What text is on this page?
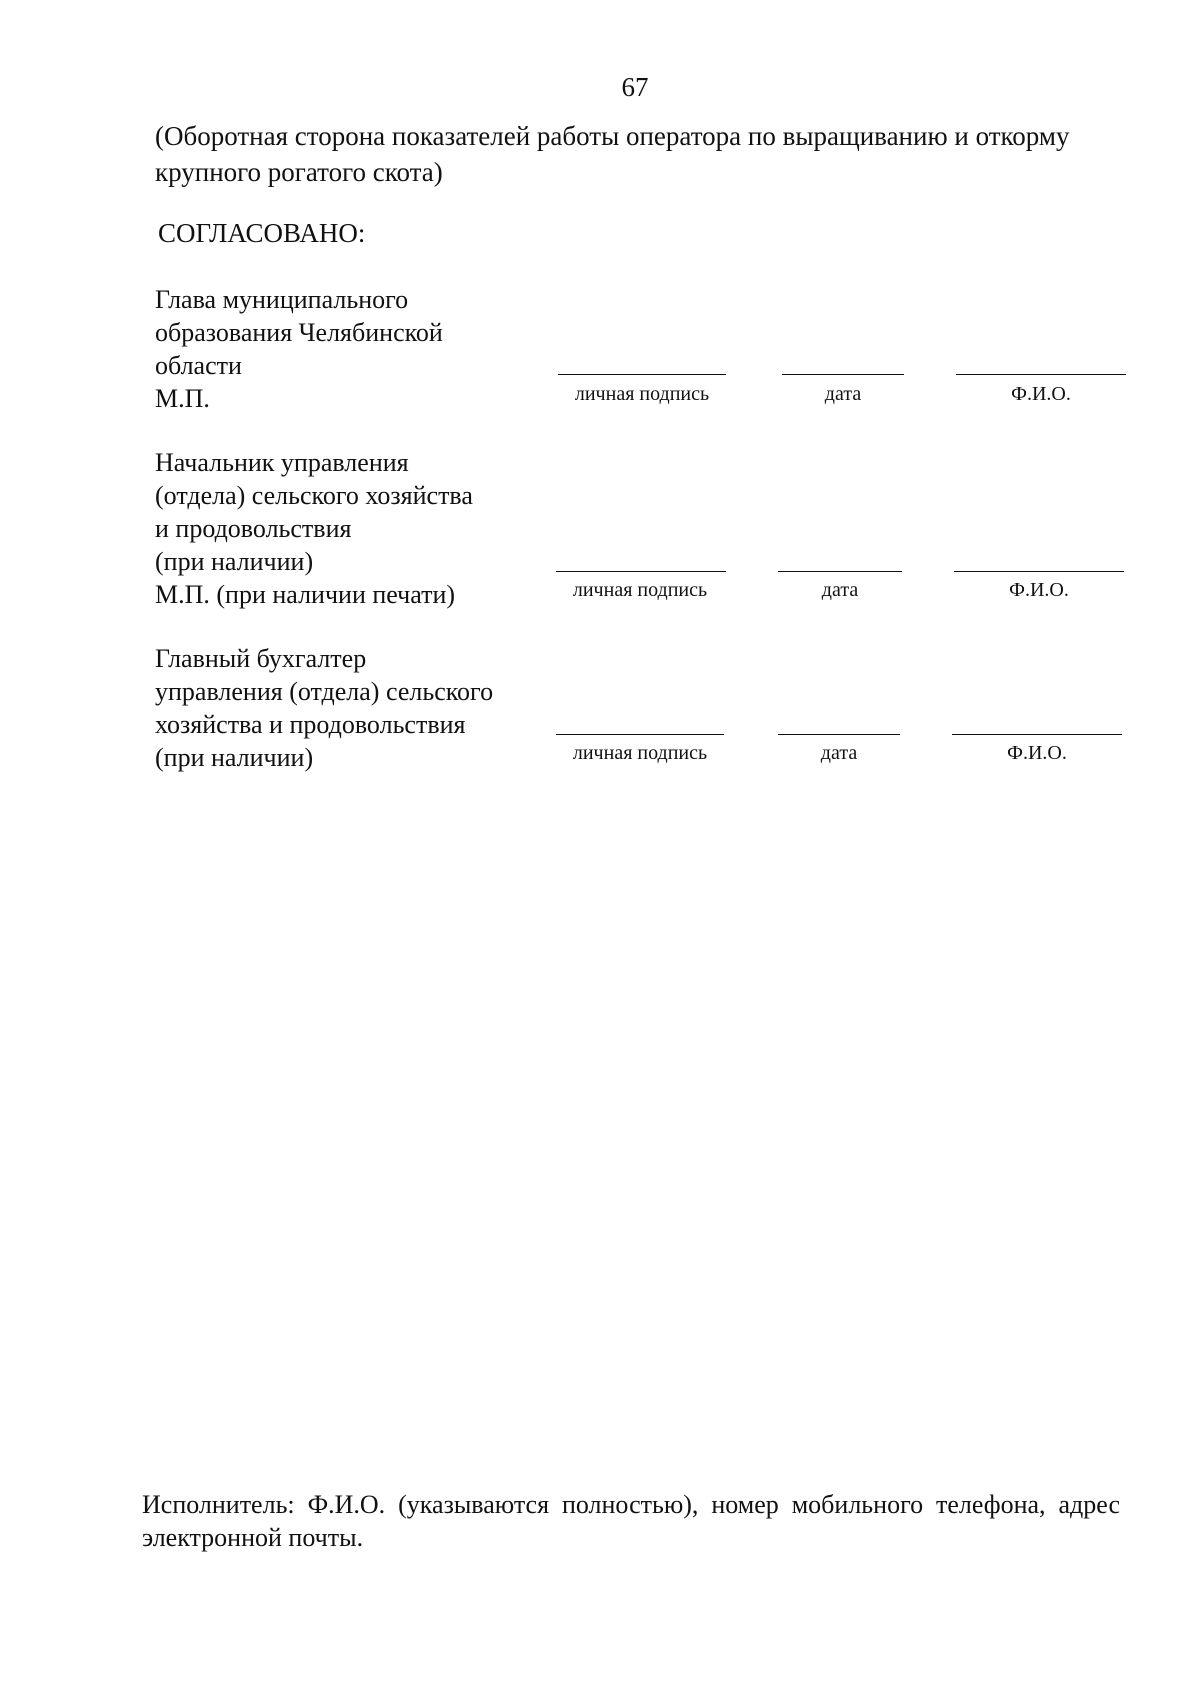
67

(Оборотная сторона показателей работы оператора по выращиванию и откорму крупного рогатого скота)

СОГЛАСОВАНО:

Глава муниципального
образования Челябинской
области
М.П.	личная подпись	дата	Ф.И.О.
Начальник управления
(отдела) сельского хозяйства
и продовольствия
(при наличии)
М.П. (при наличии печати)	личная подпись	дата	Ф.И.О.
Главный бухгалтер
управления (отдела) сельского
хозяйства и продовольствия
(при наличии)	личная подпись	дата	Ф.И.О.

Исполнитель: Ф.И.О. (указываются полностью), номер мобильного телефона, адрес электронной почты.
